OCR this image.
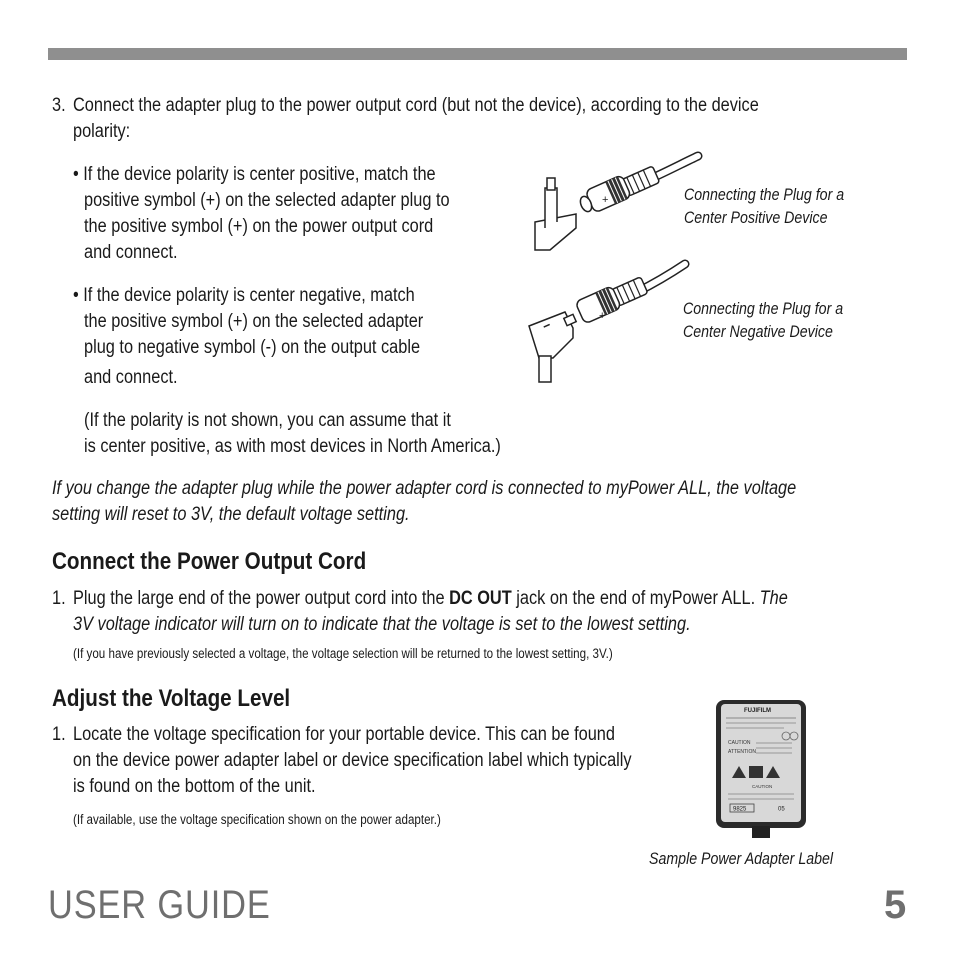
3. Connect the adapter plug to the power output cord (but not the device), according to the device
polarity:
• If the device polarity is center positive, match the
positive symbol (+) on the selected adapter plug to
the positive symbol (+) on the power output cord
and connect.
• If the device polarity is center negative, match
the positive symbol (+) on the selected adapter
plug to negative symbol (-) on the output cable
and connect.
(If the polarity is not shown, you can assume that it
is center positive, as with most devices in North America.)
+	Connecting the Plug for a
Center Positive Device
+
−
Connecting the Plug for a
Center Negative Device
If you change the adapter plug while the power adapter cord is connected to myPower ALL, the voltage
setting will reset to 3V, the default voltage setting.
Connect the Power Output Cord
1. Plug the large end of the power output cord into the DC OUT jack on the end of myPower ALL. The
3V voltage indicator will turn on to indicate that the voltage is set to the lowest setting.
(If you have previously selected a voltage, the voltage selection will be returned to the lowest setting, 3V.)
Adjust the Voltage Level
1. Locate the voltage specification for your portable device. This can be found
on the device power adapter label or device specification label which typically
is found on the bottom of the unit.
(If available, use the voltage specification shown on the power adapter.)
FUJIFILM
CAUTION
ATTENTION
CAUTION
9825	05
Sample Power Adapter Label
USER GUIDE	5
